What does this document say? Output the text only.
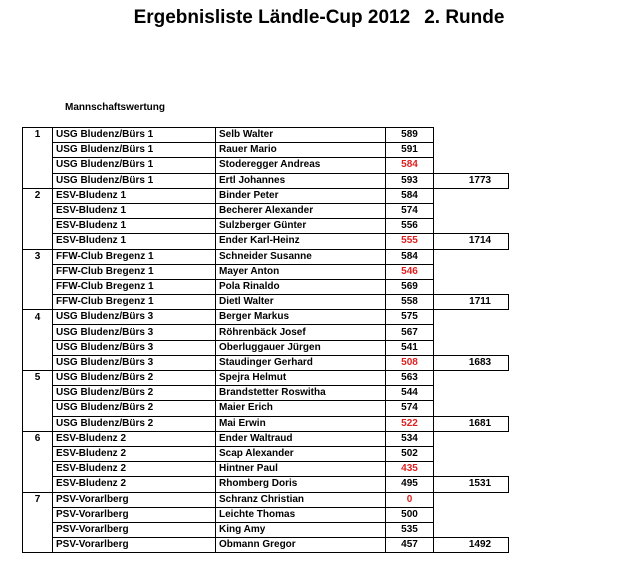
Ergebnisliste Ländle-Cup 2012 2. Runde
Mannschaftswertung
1	USG Bludenz/Bürs 1	Selb Walter	589		
	USG Bludenz/Bürs 1	Rauer Mario	591		
	USG Bludenz/Bürs 1	Stoderegger Andreas	584		
	USG Bludenz/Bürs 1	Ertl Johannes	593		1773
2	ESV-Bludenz 1	Binder Peter	584		
	ESV-Bludenz 1	Becherer Alexander	574		
	ESV-Bludenz 1	Sulzberger Günter	556		
	ESV-Bludenz 1	Ender Karl-Heinz	555		1714
3	FFW-Club Bregenz 1	Schneider Susanne	584		
	FFW-Club Bregenz 1	Mayer Anton	546		
	FFW-Club Bregenz 1	Pola Rinaldo	569		
	FFW-Club Bregenz 1	Dietl Walter	558		1711
4	USG Bludenz/Bürs 3	Berger Markus	575		
	USG Bludenz/Bürs 3	Röhrenbäck Josef	567		
	USG Bludenz/Bürs 3	Oberluggauer Jürgen	541		
	USG Bludenz/Bürs 3	Staudinger Gerhard	508		1683
5	USG Bludenz/Bürs 2	Spejra Helmut	563		
	USG Bludenz/Bürs 2	Brandstetter Roswitha	544		
	USG Bludenz/Bürs 2	Maier Erich	574		
	USG Bludenz/Bürs 2	Mai Erwin	522		1681
6	ESV-Bludenz 2	Ender Waltraud	534		
	ESV-Bludenz 2	Scap Alexander	502		
	ESV-Bludenz 2	Hintner Paul	435		
	ESV-Bludenz 2	Rhomberg Doris	495		1531
7	PSV-Vorarlberg	Schranz Christian	0		
	PSV-Vorarlberg	Leichte Thomas	500		
	PSV-Vorarlberg	King Amy	535		
	PSV-Vorarlberg	Obmann Gregor	457		1492
